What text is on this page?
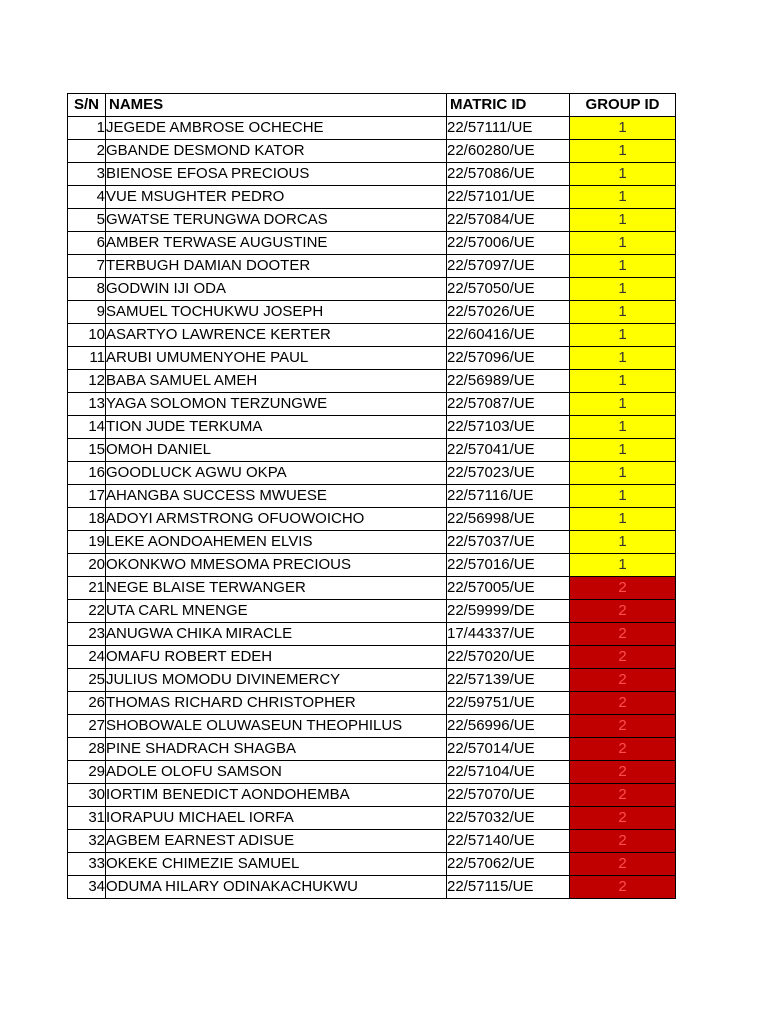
S/N	NAMES	MATRIC ID	GROUP ID
1	JEGEDE AMBROSE OCHECHE	22/57111/UE	1
2	GBANDE DESMOND KATOR	22/60280/UE	1
3	BIENOSE EFOSA PRECIOUS	22/57086/UE	1
4	VUE MSUGHTER PEDRO	22/57101/UE	1
5	GWATSE TERUNGWA DORCAS	22/57084/UE	1
6	AMBER TERWASE AUGUSTINE	22/57006/UE	1
7	TERBUGH DAMIAN DOOTER	22/57097/UE	1
8	GODWIN IJI ODA	22/57050/UE	1
9	SAMUEL TOCHUKWU JOSEPH	22/57026/UE	1
10	ASARTYO LAWRENCE KERTER	22/60416/UE	1
11	ARUBI UMUMENYOHE PAUL	22/57096/UE	1
12	BABA SAMUEL AMEH	22/56989/UE	1
13	YAGA SOLOMON TERZUNGWE	22/57087/UE	1
14	TION JUDE TERKUMA	22/57103/UE	1
15	OMOH DANIEL	22/57041/UE	1
16	GOODLUCK AGWU OKPA	22/57023/UE	1
17	AHANGBA SUCCESS MWUESE	22/57116/UE	1
18	ADOYI ARMSTRONG OFUOWOICHO	22/56998/UE	1
19	LEKE AONDOAHEMEN ELVIS	22/57037/UE	1
20	OKONKWO MMESOMA PRECIOUS	22/57016/UE	1
21	NEGE BLAISE TERWANGER	22/57005/UE	2
22	UTA CARL MNENGE	22/59999/DE	2
23	ANUGWA CHIKA MIRACLE	17/44337/UE	2
24	OMAFU ROBERT EDEH	22/57020/UE	2
25	JULIUS MOMODU DIVINEMERCY	22/57139/UE	2
26	THOMAS RICHARD CHRISTOPHER	22/59751/UE	2
27	SHOBOWALE OLUWASEUN THEOPHILUS	22/56996/UE	2
28	PINE SHADRACH SHAGBA	22/57014/UE	2
29	ADOLE OLOFU SAMSON	22/57104/UE	2
30	IORTIM BENEDICT AONDOHEMBA	22/57070/UE	2
31	IORAPUU MICHAEL IORFA	22/57032/UE	2
32	AGBEM EARNEST ADISUE	22/57140/UE	2
33	OKEKE CHIMEZIE SAMUEL	22/57062/UE	2
34	ODUMA HILARY ODINAKACHUKWU	22/57115/UE	2
